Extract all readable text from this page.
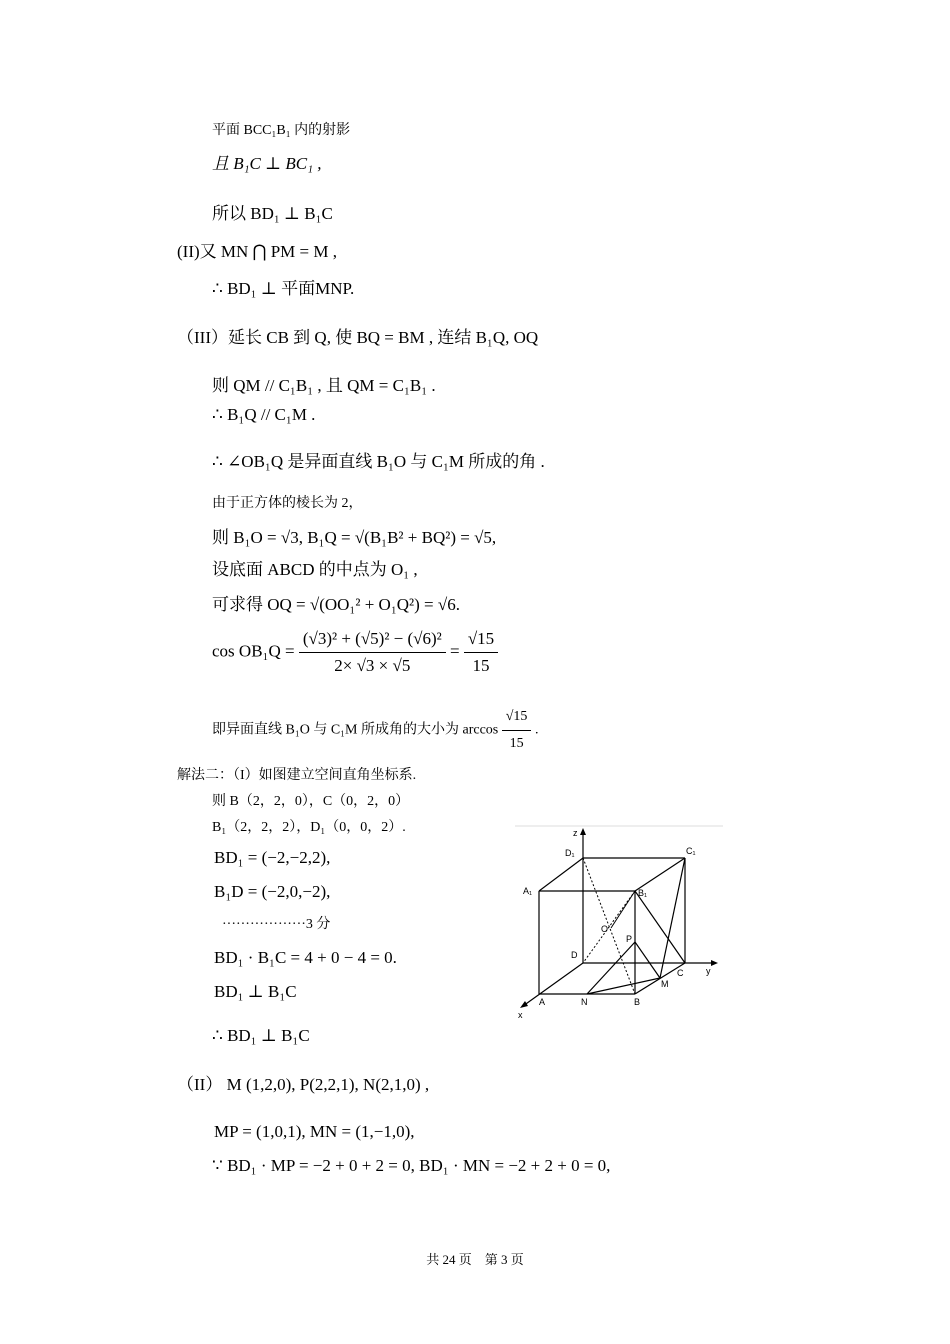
平面 BCC₁B₁ 内的射影
且 B₁C ⊥ BC₁ ,
所以 BD₁ ⊥ B₁C
(II)又 MN ⋂ PM = M ,
∴ BD₁ ⊥ 平面MNP.
（III）延长 CB 到 Q, 使 BQ = BM , 连结 B₁Q, OQ
则 QM // C₁B₁ , 且 QM = C₁B₁ .
∴ B₁Q // C₁M .
∴ ∠OB₁Q 是异面直线 B₁O 与 C₁M 所成的角 .
由于正方体的棱长为 2，
则 B₁O = √3, B₁Q = √(B₁B² + BQ²) = √5,
设底面 ABCD 的中点为 O₁ ,
可求得 OQ = √(OO₁² + O₁Q²) = √6.
$\cos OB_1Q = \frac{\text{(√3)² + (√5)² − (√6)²}}{2\times √3 \times √5} = \frac{√15}{15}$
即异面直线 B₁O 与 C₁M 所成角的大小为 $\arccos \frac{√15}{15}$ .
解法二：（I）如图建立空间直角坐标系.
则 B（2，2，0），C（0，2，0）
B₁（2，2，2），D₁（0，0，2）.
BD₁ = (−2,−2,2),
B₁D = (−2,0,−2),
··················3 分
BD₁ · B₁C = 4 + 0 − 4 = 0.
BD₁ ⊥ B₁C
∴ BD₁ ⊥ B₁C
（II） M (1,2,0), P(2,2,1), N(2,1,0) ,
MP = (1,0,1), MN = (1,−1,0),
∵ BD₁ · MP = −2 + 0 + 2 = 0, BD₁ · MN = −2 + 2 + 0 = 0,
z
D₁	C₁
A₁	B₁
O
P
D
C	y
M
A	N	B
x
共 24 页　第 3 页
